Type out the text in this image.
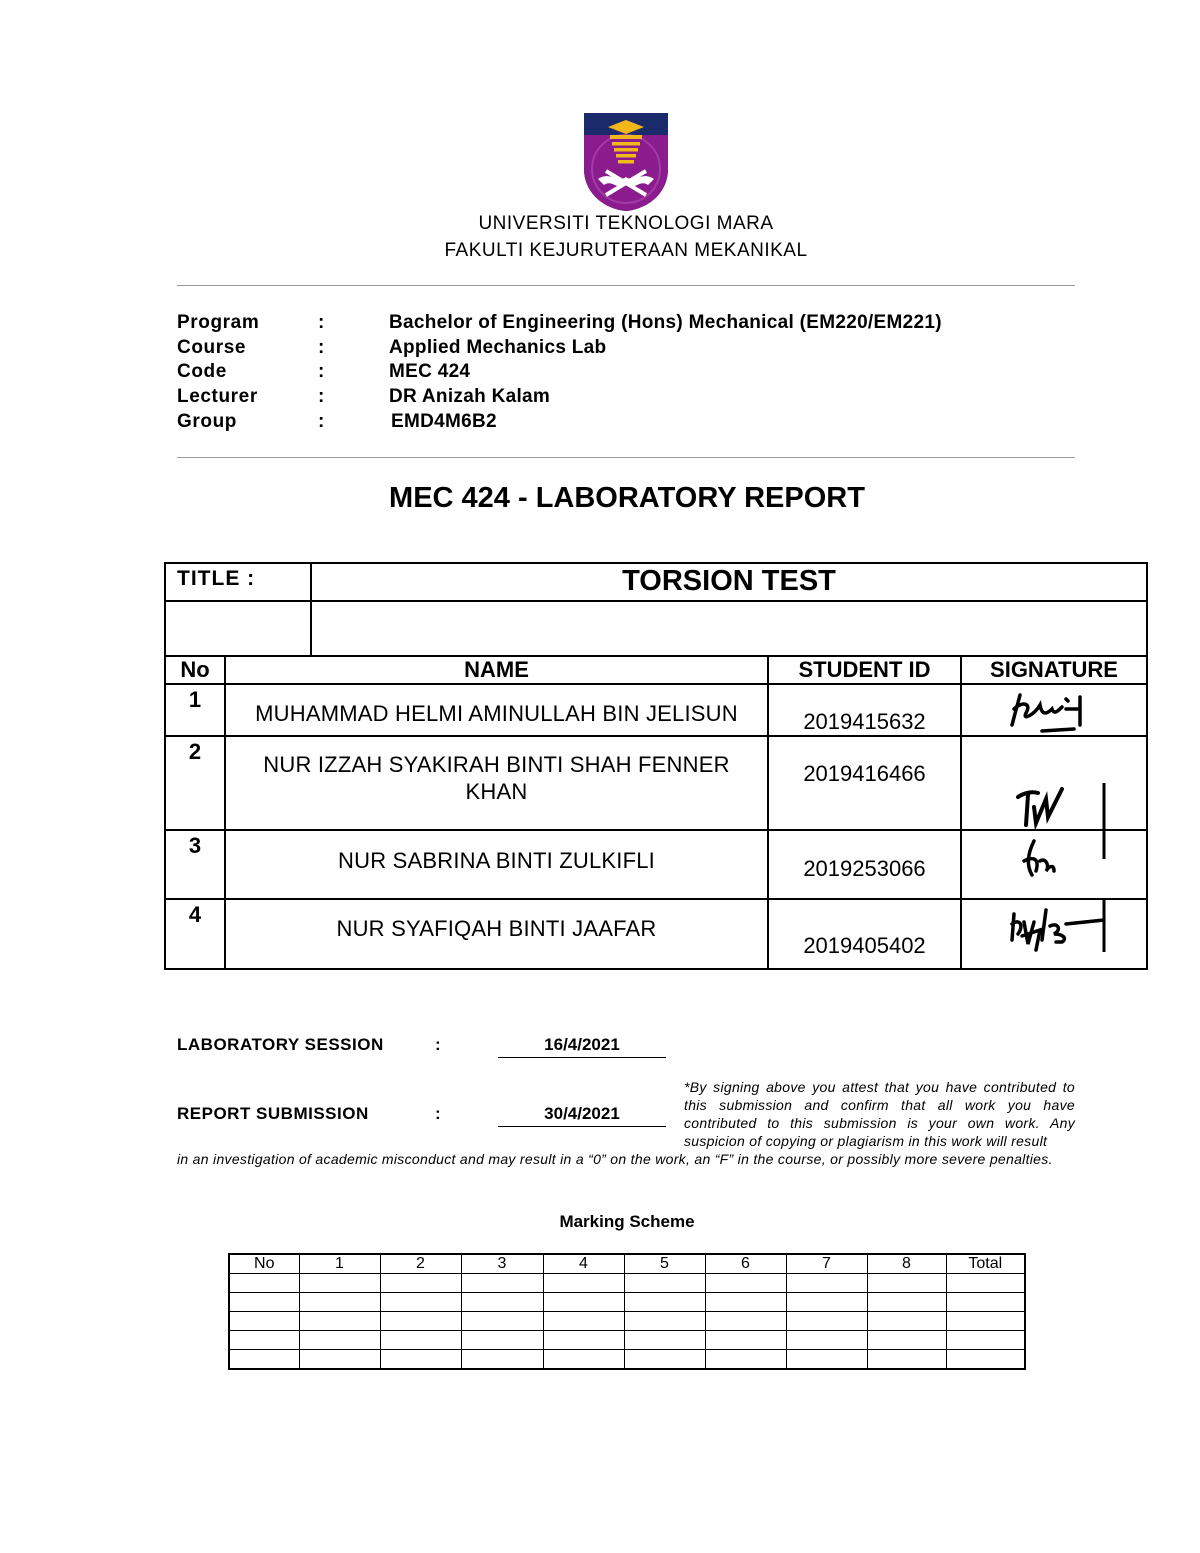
UNIVERSITI TEKNOLOGI MARA
FAKULTI KEJURUTERAAN MEKANIKAL
Program	:	Bachelor of Engineering (Hons) Mechanical (EM220/EM221)
Course	:	Applied Mechanics Lab
Code	:	MEC 424
Lecturer	:	DR Anizah Kalam
Group	:	EMD4M6B2
MEC 424 - LABORATORY REPORT
TITLE :		TORSION TEST		

No	NAME		STUDENT ID	SIGNATURE
1	MUHAMMAD HELMI AMINULLAH BIN JELISUN		2019415632	

2	NUR IZZAH SYAKIRAH BINTI SHAH FENNER KHAN		2019416466	

3	NUR SABRINA BINTI ZULKIFLI		2019253066	

4	NUR SYAFIQAH BINTI JAAFAR		2019405402	
LABORATORY SESSION	:	16/4/2021
REPORT SUBMISSION	:	30/4/2021
*By signing above you attest that you have contributed to this submission and confirm that all work you have contributed to this submission is your own work. Any suspicion of copying or plagiarism in this work will result
in an investigation of academic misconduct and may result in a “0” on the work, an “F” in the course, or possibly more severe penalties.
Marking Scheme
No	1	2	3	4	5	6	7	8	Total
